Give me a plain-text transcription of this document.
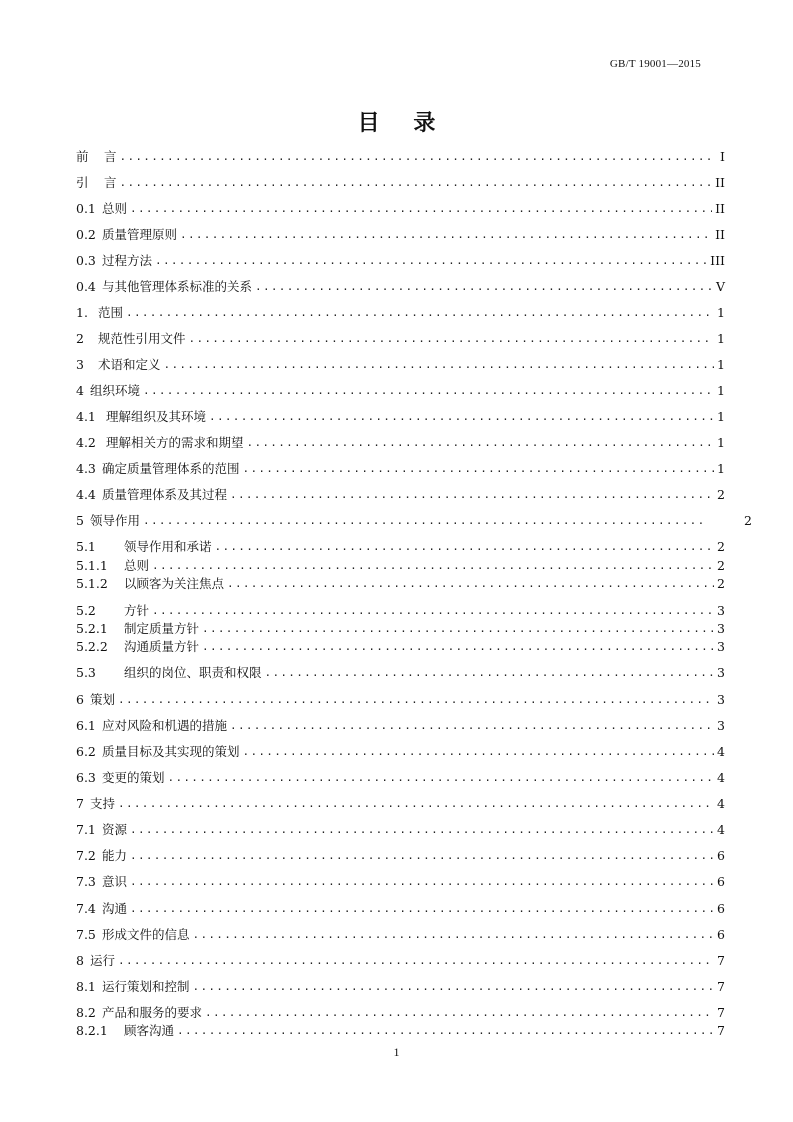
GB/T 19001—2015
目 录
前	言 .....	I
引	言 .....	II
0.1 总则 .....	II
0.2 质量管理原则 .....	II
0.3 过程方法 .....	III
0.4 与其他管理体系标准的关系 .....	V
1. 范围 .....	1
2	规范性引用文件 .....	1
3	术语和定义 .....	1
4 组织环境 .....	1
4.1 理解组织及其环境 .....	1
4.2 理解相关方的需求和期望 .....	1
4.3 确定质量管理体系的范围 .....	1
4.4 质量管理体系及其过程 .....	2
5 领导作用 .....	2
5.1	领导作用和承诺 .....	2
5.1.1	总则 .....	2
5.1.2	以顾客为关注焦点 .....	2
5.2	方针 .....	3
5.2.1	制定质量方针 .....	3
5.2.2	沟通质量方针 .....	3
5.3	组织的岗位、职责和权限 .....	3
6 策划 .....	3
6.1 应对风险和机遇的措施 .....	3
6.2 质量目标及其实现的策划 .....	4
6.3 变更的策划 .....	4
7 支持 .....	4
7.1 资源 .....	4
7.2 能力 .....	6
7.3 意识 .....	6
7.4 沟通 .....	6
7.5 形成文件的信息 .....	6
8 运行 .....	7
8.1 运行策划和控制 .....	7
8.2 产品和服务的要求 .....	7
8.2.1	顾客沟通 .....	7
1
